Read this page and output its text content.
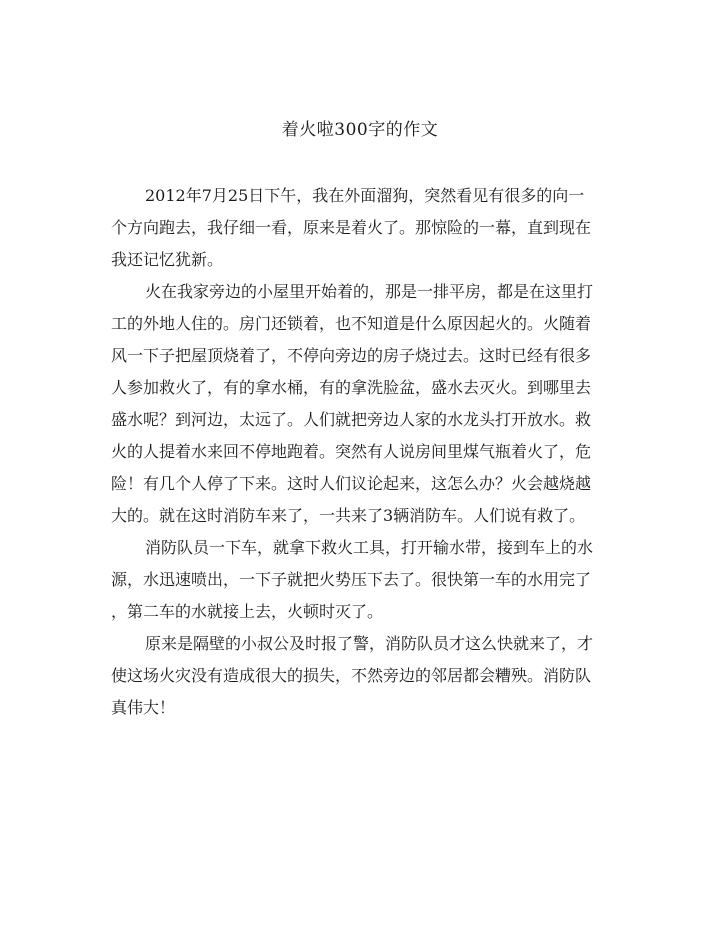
着火啦300字的作文
2012年7月25日下午，我在外面溜狗，突然看见有很多的向一
个方向跑去，我仔细一看，原来是着火了。那惊险的一幕，直到现在
我还记忆犹新。
火在我家旁边的小屋里开始着的，那是一排平房，都是在这里打
工的外地人住的。房门还锁着，也不知道是什么原因起火的。火随着
风一下子把屋顶烧着了，不停向旁边的房子烧过去。这时已经有很多
人参加救火了，有的拿水桶，有的拿洗脸盆，盛水去灭火。到哪里去
盛水呢？到河边，太远了。人们就把旁边人家的水龙头打开放水。救
火的人提着水来回不停地跑着。突然有人说房间里煤气瓶着火了，危
险！有几个人停了下来。这时人们议论起来，这怎么办？火会越烧越
大的。就在这时消防车来了，一共来了3辆消防车。人们说有救了。
消防队员一下车，就拿下救火工具，打开输水带，接到车上的水
源，水迅速喷出，一下子就把火势压下去了。很快第一车的水用完了
，第二车的水就接上去，火顿时灭了。
原来是隔壁的小叔公及时报了警，消防队员才这么快就来了，才
使这场火灾没有造成很大的损失，不然旁边的邻居都会糟殃。消防队
真伟大！
